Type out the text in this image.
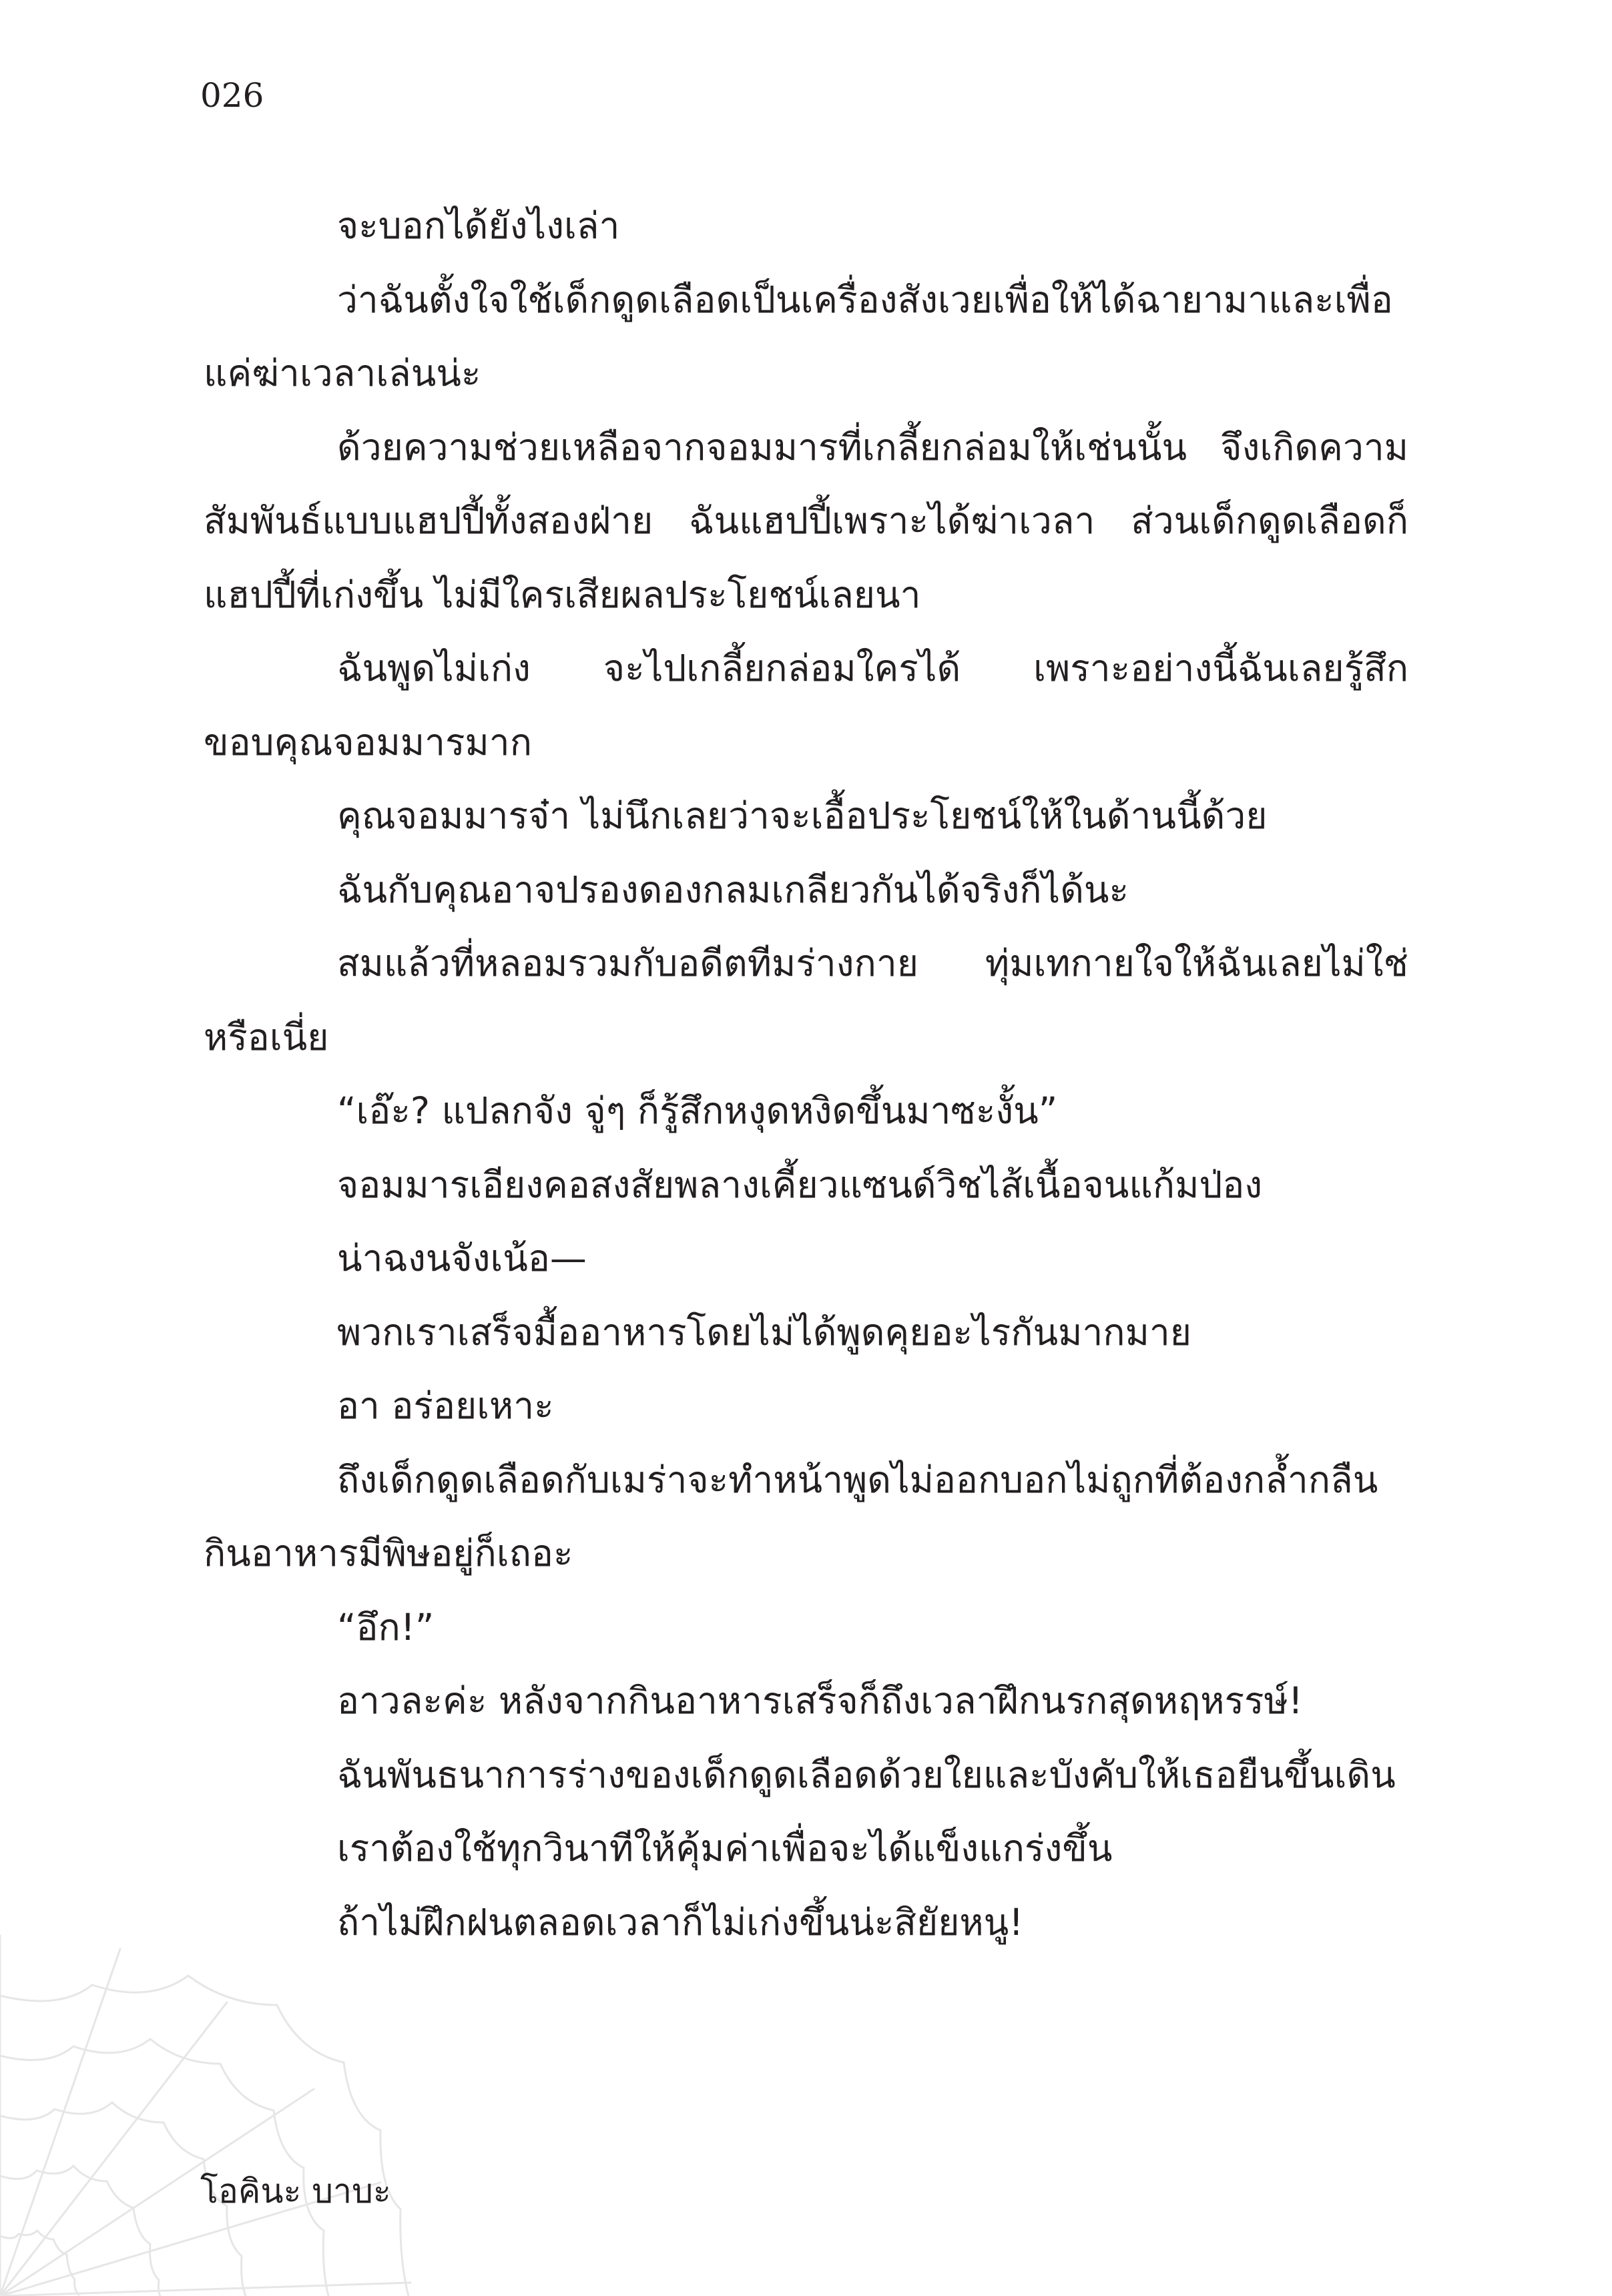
026

จะบอกได้ยังไงเล่า

ว่าฉันตั้งใจใช้เด็กดูดเลือดเป็นเครื่องสังเวยเพื่อให้ได้ฉายามาและเพื่อแค่ฆ่าเวลาเล่นน่ะ

ด้วยความช่วยเหลือจากจอมมารที่เกลี้ยกล่อมให้เช่นนั้น จึงเกิดความสัมพันธ์แบบแฮปปี้ทั้งสองฝ่าย ฉันแฮปปี้เพราะได้ฆ่าเวลา ส่วนเด็กดูดเลือดก็แฮปปี้ที่เก่งขึ้น ไม่มีใครเสียผลประโยชน์เลยนา

ฉันพูดไม่เก่ง จะไปเกลี้ยกล่อมใครได้ เพราะอย่างนี้ฉันเลยรู้สึกขอบคุณจอมมารมาก

คุณจอมมารจ๋า ไม่นึกเลยว่าจะเอื้อประโยชน์ให้ในด้านนี้ด้วย

ฉันกับคุณอาจปรองดองกลมเกลียวกันได้จริงก็ได้นะ

สมแล้วที่หลอมรวมกับอดีตทีมร่างกาย ทุ่มเทกายใจให้ฉันเลยไม่ใช่หรือเนี่ย

“เอ๊ะ? แปลกจัง จู่ๆ ก็รู้สึกหงุดหงิดขึ้นมาซะงั้น”

จอมมารเอียงคอสงสัยพลางเคี้ยวแซนด์วิชไส้เนื้อจนแก้มป่อง

น่าฉงนจังเน้อ—

พวกเราเสร็จมื้ออาหารโดยไม่ได้พูดคุยอะไรกันมากมาย

อา อร่อยเหาะ

ถึงเด็กดูดเลือดกับเมร่าจะทำหน้าพูดไม่ออกบอกไม่ถูกที่ต้องกล้ำกลืนกินอาหารมีพิษอยู่ก็เถอะ

“อึก!”

อาวละค่ะ หลังจากกินอาหารเสร็จก็ถึงเวลาฝึกนรกสุดหฤหรรษ์!

ฉันพันธนาการร่างของเด็กดูดเลือดด้วยใยและบังคับให้เธอยืนขึ้นเดิน

เราต้องใช้ทุกวินาทีให้คุ้มค่าเพื่อจะได้แข็งแกร่งขึ้น

ถ้าไม่ฝึกฝนตลอดเวลาก็ไม่เก่งขึ้นน่ะสิยัยหนู!

โอคินะ บาบะ
